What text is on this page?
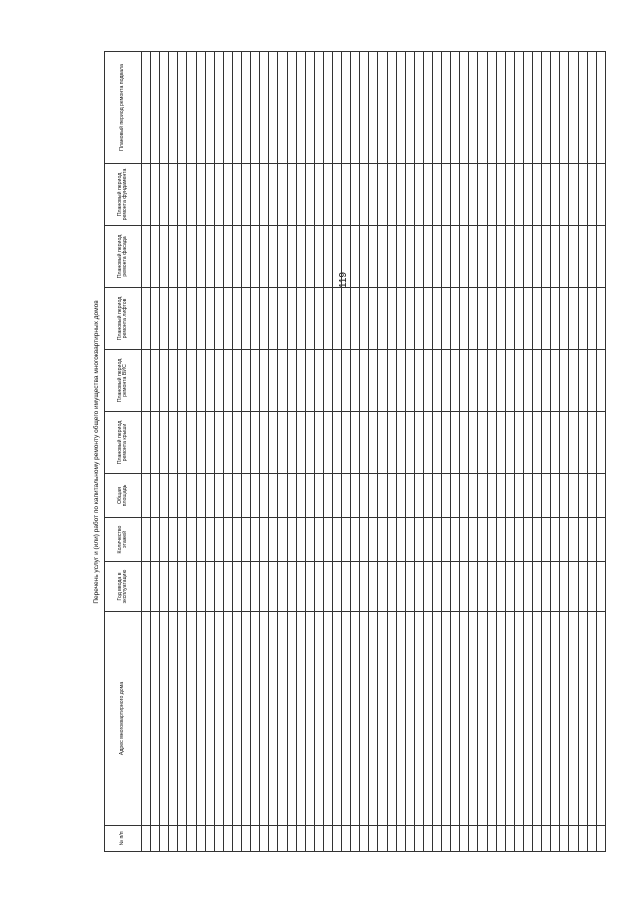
119
Перечень услуг и (или) работ по капитальному ремонту общего имущества многоквартирных домов
№ п/п	Адрес многоквартирного дома	Год ввода в эксплуатацию	Количество этажей	Общая площадь	Плановый период ремонта крыши	Плановый период ремонта ВИС	Плановый период ремонта лифтов	Плановый период ремонта фасада	Плановый период ремонта фундамента	Плановый период ремонта подвала
